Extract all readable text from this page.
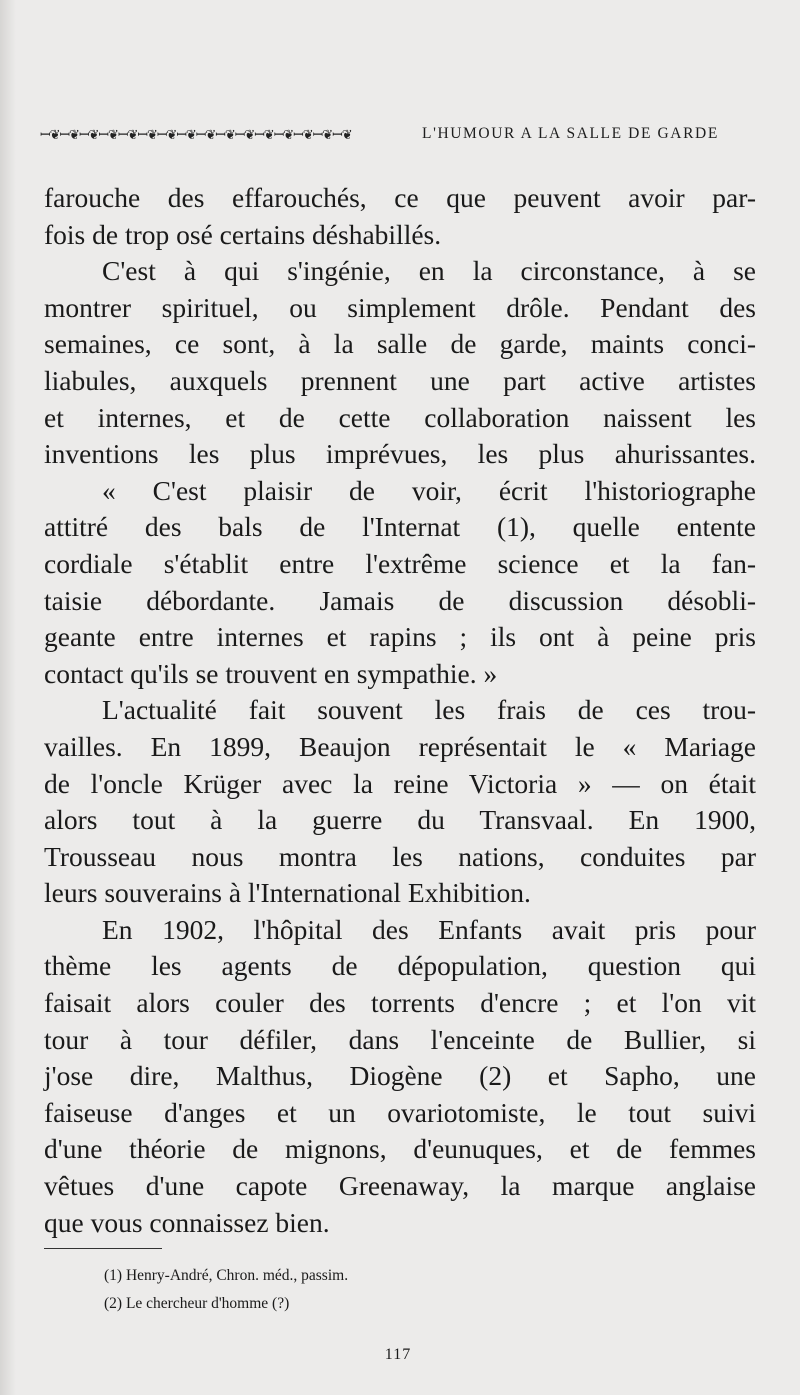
ꟷ❦ꟷ❦ꟷ❦ꟷ❦ꟷ❦ꟷ❦ꟷ❦ꟷ❦ꟷ❦ꟷ❦ꟷ❦ꟷ❦ꟷ❦ꟷ❦ꟷ❦ꟷ❦	L'HUMOUR A LA SALLE DE GARDE
farouche des effarouchés, ce que peuvent avoir par-
fois de trop osé certains déshabillés.
C'est à qui s'ingénie, en la circonstance, à se
montrer spirituel, ou simplement drôle. Pendant des
semaines, ce sont, à la salle de garde, maints conci-
liabules, auxquels prennent une part active artistes
et internes, et de cette collaboration naissent les
inventions les plus imprévues, les plus ahurissantes.
« C'est plaisir de voir, écrit l'historiographe
attitré des bals de l'Internat (1), quelle entente
cordiale s'établit entre l'extrême science et la fan-
taisie débordante. Jamais de discussion désobli-
geante entre internes et rapins ; ils ont à peine pris
contact qu'ils se trouvent en sympathie. »
L'actualité fait souvent les frais de ces trou-
vailles. En 1899, Beaujon représentait le « Mariage
de l'oncle Krüger avec la reine Victoria » — on était
alors tout à la guerre du Transvaal. En 1900,
Trousseau nous montra les nations, conduites par
leurs souverains à l'International Exhibition.
En 1902, l'hôpital des Enfants avait pris pour
thème les agents de dépopulation, question qui
faisait alors couler des torrents d'encre ; et l'on vit
tour à tour défiler, dans l'enceinte de Bullier, si
j'ose dire, Malthus, Diogène (2) et Sapho, une
faiseuse d'anges et un ovariotomiste, le tout suivi
d'une théorie de mignons, d'eunuques, et de femmes
vêtues d'une capote Greenaway, la marque anglaise
que vous connaissez bien.
(1) Henry-André, Chron. méd., passim.
(2) Le chercheur d'homme (?)
117
